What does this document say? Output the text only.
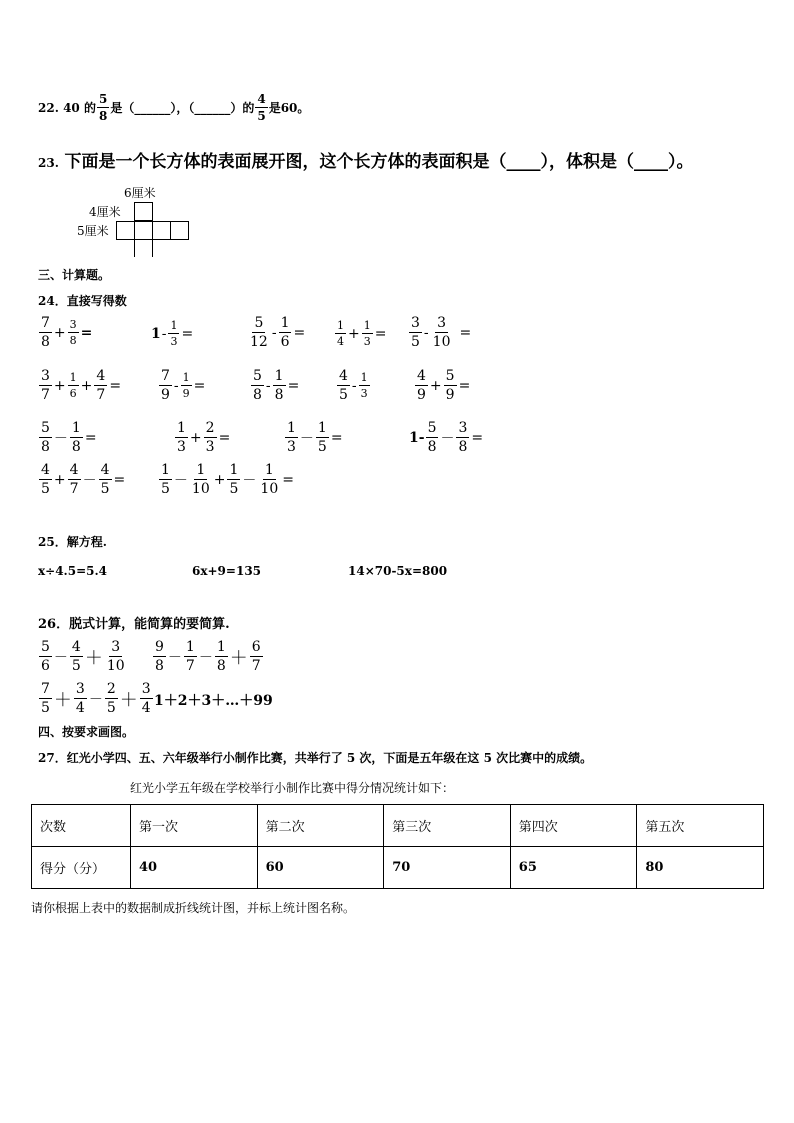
22.
40 的 $\frac{5}{8}$ 是（______），（______）的 $\frac{4}{5}$ 是60。
23.
下面是一个长方体的表面展开图，这个长方体的表面积是（____），体积是（____）。
6厘米
4厘米
5厘米
三、计算题。
24．直接写得数
$\frac{7}{8} + \frac{3}{8}$ =	$1 - \frac{1}{3}$ =	$\frac{5}{12} - \frac{1}{6}$ =	$\frac{1}{4} + \frac{1}{3} = \frac{3}{5} - \frac{3}{10}$ =
$\frac{3}{7} + \frac{1}{6} + \frac{4}{7}$ =	$\frac{7}{9} - \frac{1}{9}$ =	$\frac{5}{8} - \frac{1}{8}$ =	$\frac{4}{5} - \frac{1}{3}$	$\frac{4}{9} + \frac{5}{9}$ =
$\frac{5}{8} - \frac{1}{8}$ =	$\frac{1}{3} + \frac{2}{3}$ =	$\frac{1}{3} - \frac{1}{5}$ =	$1- \frac{5}{8} - \frac{3}{8}$ =
$\frac{4}{5} + \frac{4}{7} - \frac{4}{5} = \frac{1}{5} - \frac{1}{10} + \frac{1}{5} - \frac{1}{10}$ =
25．解方程.
x÷4.5=5.4	6x+9=135	14×70-5x=800
26．脱式计算，能简算的要简算.
$\frac{5}{6} - \frac{4}{5} + \frac{3}{10} \frac{9}{8} - \frac{1}{7} - \frac{1}{8} + \frac{6}{7}$
$\frac{7}{5} + \frac{3}{4} - \frac{2}{5} + \frac{3}{4}$ 1＋2＋3＋…＋99
四、按要求画图。
27．红光小学四、五、六年级举行小制作比赛，共举行了 5 次，下面是五年级在这 5 次比赛中的成绩。
红光小学五年级在学校举行小制作比赛中得分情况统计如下：
次数	第一次	第二次	第三次	第四次	第五次
得分（分）	40	60	70	65	80
请你根据上表中的数据制成折线统计图，并标上统计图名称。
